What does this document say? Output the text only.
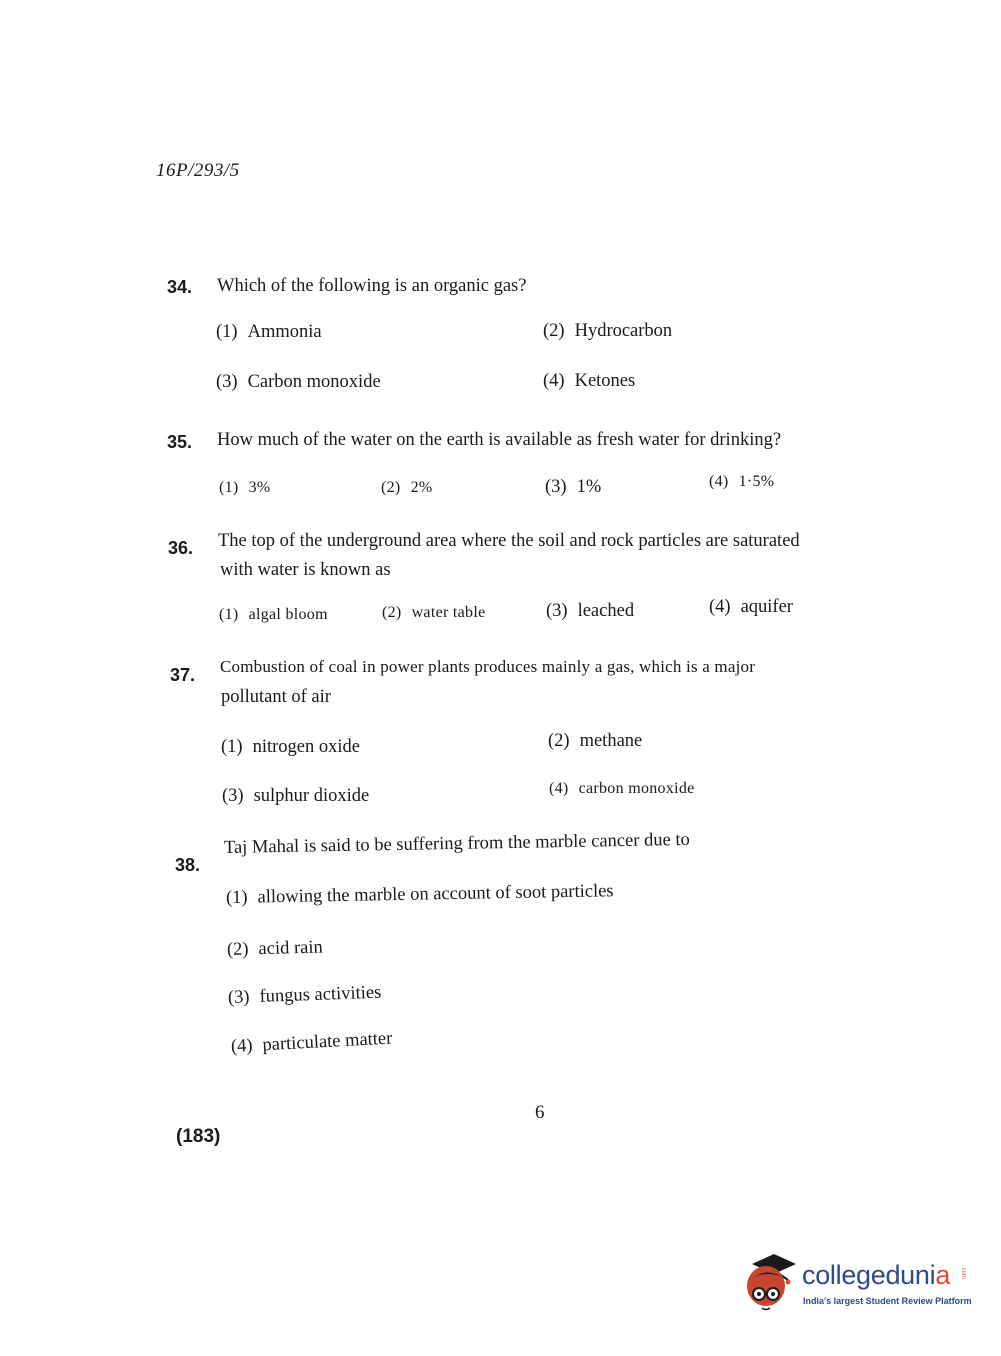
16P/293/5
34. Which of the following is an organic gas?
(1) Ammonia	(2) Hydrocarbon
(3) Carbon monoxide	(4) Ketones
35. How much of the water on the earth is available as fresh water for drinking?
(1) 3%	(2) 2%	(3) 1%	(4) 1·5%
36. The top of the underground area where the soil and rock particles are saturated
with water is known as
(1) algal bloom	(2) water table	(3) leached	(4) aquifer
37. Combustion of coal in power plants produces mainly a gas, which is a major
pollutant of air
(1) nitrogen oxide	(2) methane
(3) sulphur dioxide	(4) carbon monoxide
38.
Taj Mahal is said to be suffering from the marble cancer due to
(1) allowing the marble on account of soot particles
(2) acid rain
(3) fungus activities
(4) particulate matter
6
(183)
collegedunia .com
India's largest Student Review Platform
